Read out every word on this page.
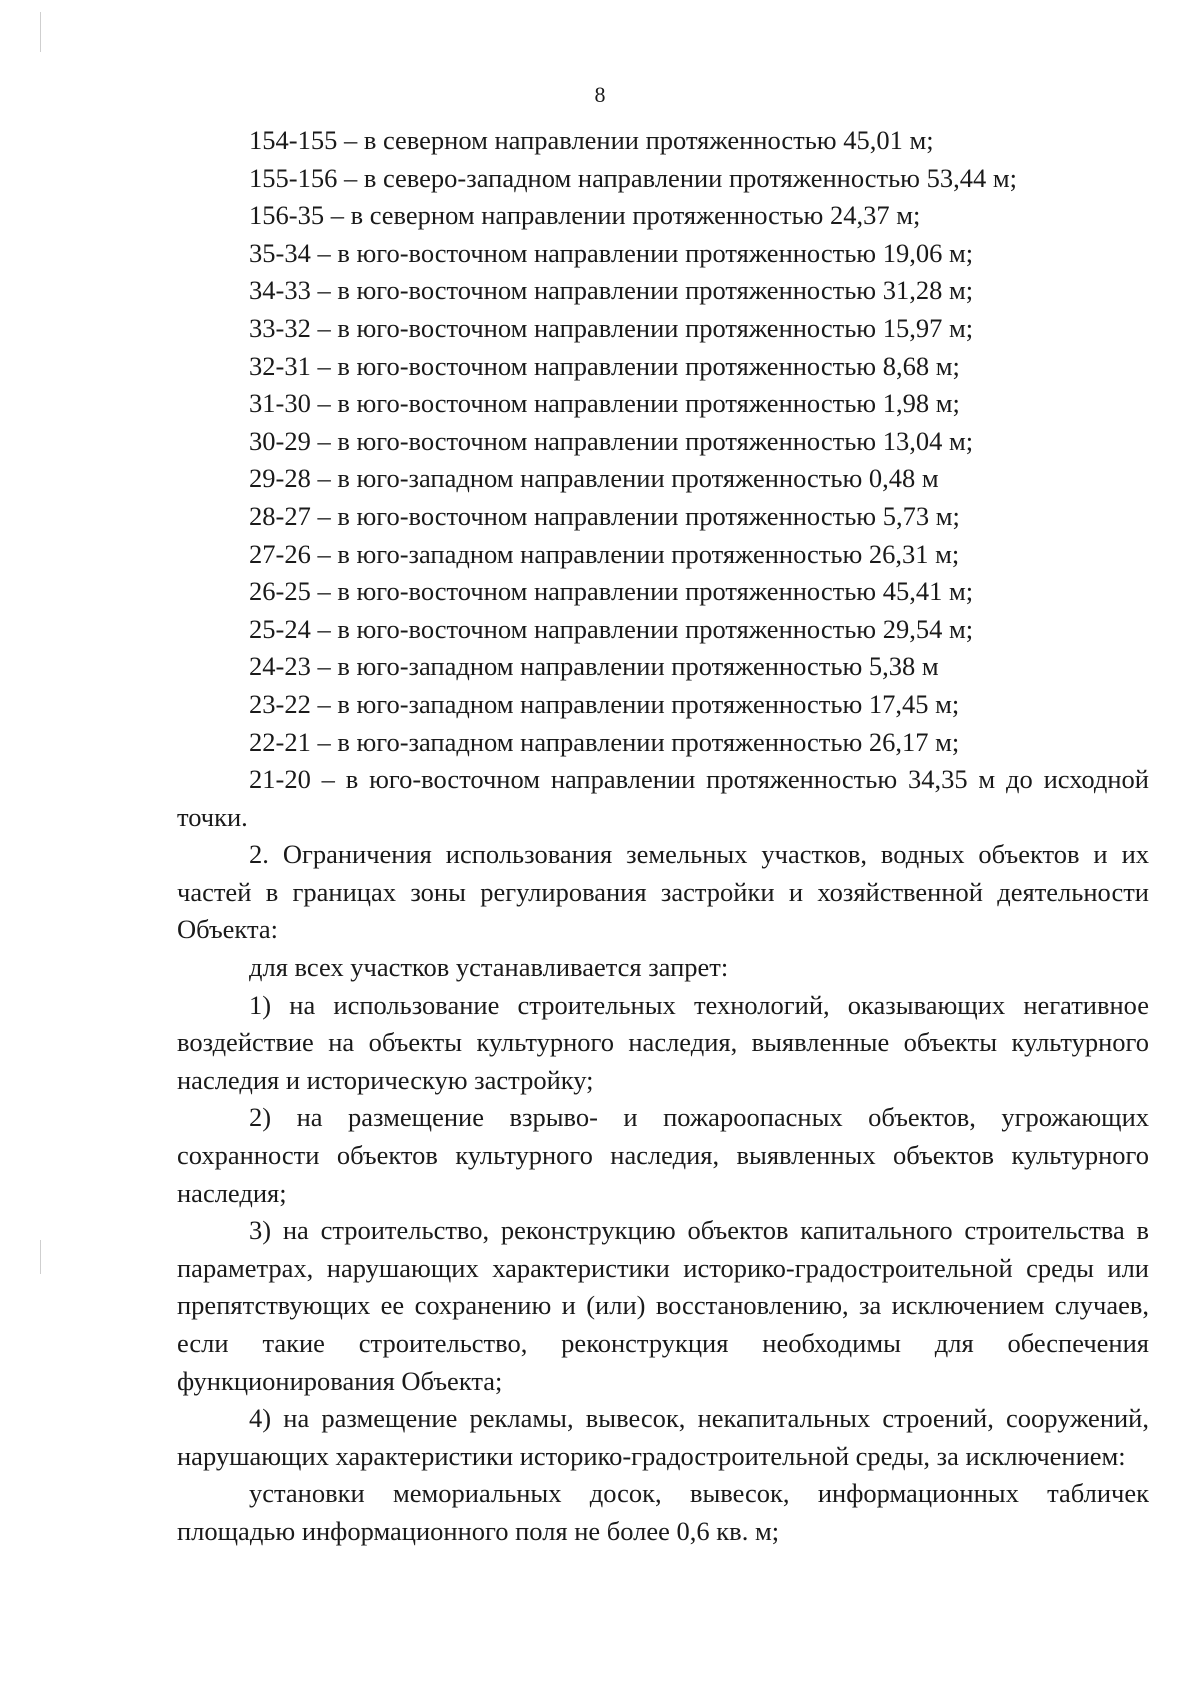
8
154-155 – в северном направлении протяженностью 45,01 м;
155-156 – в северо-западном направлении протяженностью 53,44 м;
156-35 – в северном направлении протяженностью 24,37 м;
35-34 – в юго-восточном направлении протяженностью 19,06 м;
34-33 – в юго-восточном направлении протяженностью 31,28 м;
33-32 – в юго-восточном направлении протяженностью 15,97 м;
32-31 – в юго-восточном направлении протяженностью 8,68 м;
31-30 – в юго-восточном направлении протяженностью 1,98 м;
30-29 – в юго-восточном направлении протяженностью 13,04 м;
29-28 – в юго-западном направлении протяженностью 0,48 м
28-27 – в юго-восточном направлении протяженностью 5,73 м;
27-26 – в юго-западном направлении протяженностью 26,31 м;
26-25 – в юго-восточном направлении протяженностью 45,41 м;
25-24 – в юго-восточном направлении протяженностью 29,54 м;
24-23 – в юго-западном направлении протяженностью 5,38 м
23-22 – в юго-западном направлении протяженностью 17,45 м;
22-21 – в юго-западном направлении протяженностью 26,17 м;

21-20 – в юго-восточном направлении протяженностью 34,35 м до исходной точки.

2. Ограничения использования земельных участков, водных объектов и их частей в границах зоны регулирования застройки и хозяйственной деятельности Объекта:

для всех участков устанавливается запрет:

1) на использование строительных технологий, оказывающих негативное воздействие на объекты культурного наследия, выявленные объекты культурного наследия и историческую застройку;

2) на размещение взрыво- и пожароопасных объектов, угрожающих сохранности объектов культурного наследия, выявленных объектов культурного наследия;

3) на строительство, реконструкцию объектов капитального строительства в параметрах, нарушающих характеристики историко-градостроительной среды или препятствующих ее сохранению и (или) восстановлению, за исключением случаев, если такие строительство, реконструкция необходимы для обеспечения функционирования Объекта;

4) на размещение рекламы, вывесок, некапитальных строений, сооружений, нарушающих характеристики историко-градостроительной среды, за исключением:

установки мемориальных досок, вывесок, информационных табличек площадью информационного поля не более 0,6 кв. м;
